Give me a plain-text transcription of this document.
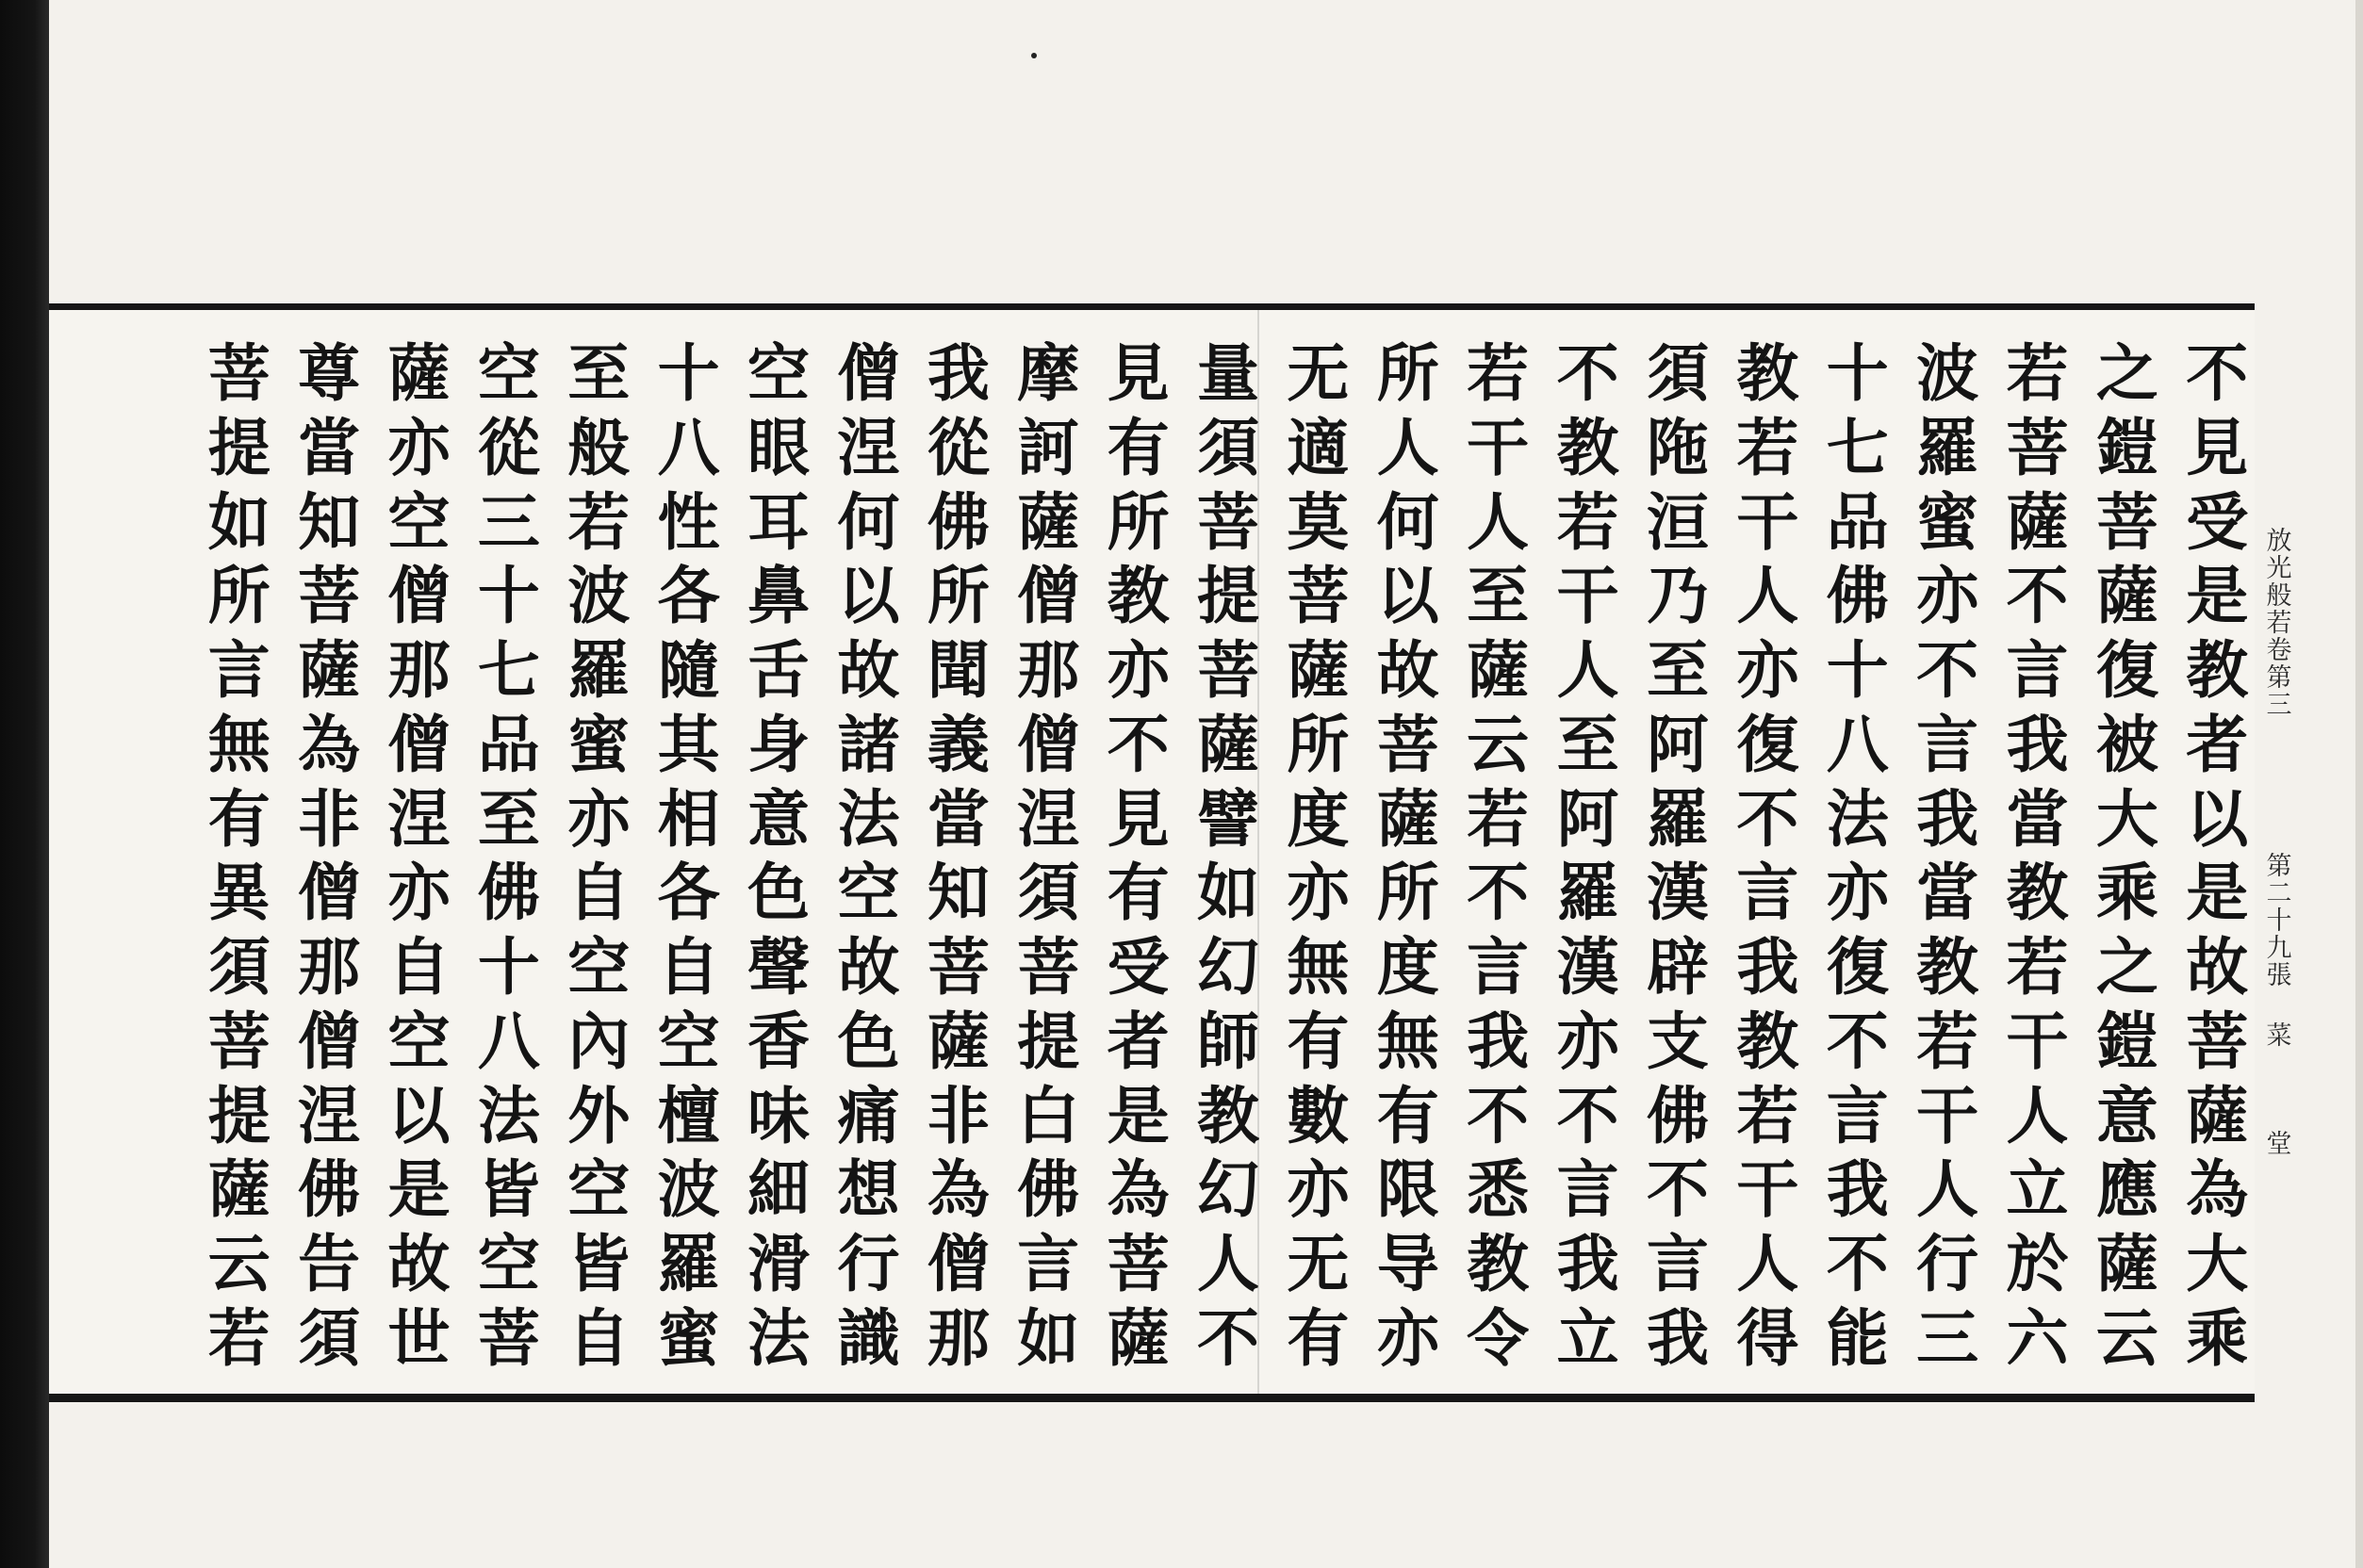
不
見
受
是
教
者
以
是
故
菩
薩
為
大
乘
之
鎧
菩
薩
復
被
大
乘
之
鎧
意
應
薩
云
若
菩
薩
不
言
我
當
教
若
干
人
立
於
六
波
羅
蜜
亦
不
言
我
當
教
若
干
人
行
三
十
七
品
佛
十
八
法
亦
復
不
言
我
不
能
教
若
干
人
亦
復
不
言
我
教
若
干
人
得
須
陁
洹
乃
至
阿
羅
漢
辟
支
佛
不
言
我
不
教
若
干
人
至
阿
羅
漢
亦
不
言
我
立
若
干
人
至
薩
云
若
不
言
我
不
悉
教
令
所
人
何
以
故
菩
薩
所
度
無
有
限
导
亦
无
適
莫
菩
薩
所
度
亦
無
有
數
亦
无
有
量
須
菩
提
菩
薩
譬
如
幻
師
教
幻
人
不
見
有
所
教
亦
不
見
有
受
者
是
為
菩
薩
摩
訶
薩
僧
那
僧
涅
須
菩
提
白
佛
言
如
我
從
佛
所
聞
義
當
知
菩
薩
非
為
僧
那
僧
涅
何
以
故
諸
法
空
故
色
痛
想
行
識
空
眼
耳
鼻
舌
身
意
色
聲
香
味
細
滑
法
十
八
性
各
隨
其
相
各
自
空
檀
波
羅
蜜
至
般
若
波
羅
蜜
亦
自
空
內
外
空
皆
自
空
從
三
十
七
品
至
佛
十
八
法
皆
空
菩
薩
亦
空
僧
那
僧
涅
亦
自
空
以
是
故
世
尊
當
知
菩
薩
為
非
僧
那
僧
涅
佛
告
須
菩
提
如
所
言
無
有
異
須
菩
提
薩
云
若
放光般若卷第三
第二十九張
菜
堂
